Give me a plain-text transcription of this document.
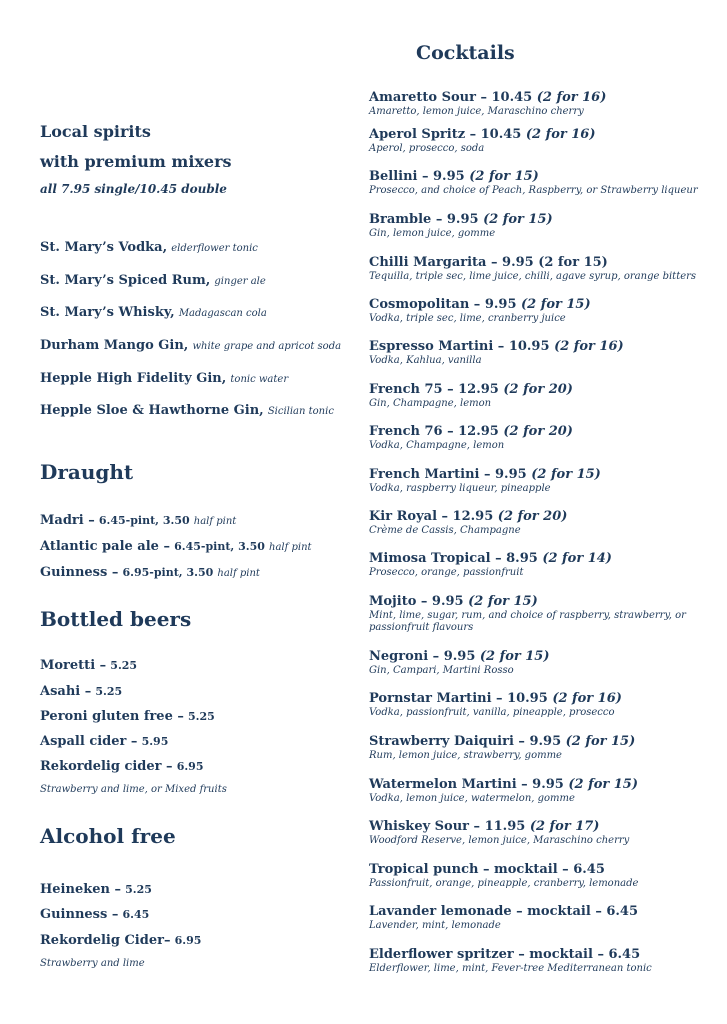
Local spirits
with premium mixers
all 7.95 single/10.45 double
St. Mary’s Vodka, elderflower tonic
St. Mary’s Spiced Rum, ginger ale
St. Mary’s Whisky, Madagascan cola
Durham Mango Gin, white grape and apricot soda
Hepple High Fidelity Gin, tonic water
Hepple Sloe & Hawthorne Gin, Sicilian tonic
Draught
Madri – 6.45-pint, 3.50 half pint
Atlantic pale ale – 6.45-pint, 3.50 half pint
Guinness – 6.95-pint, 3.50 half pint
Bottled beers
Moretti – 5.25
Asahi – 5.25
Peroni gluten free – 5.25
Aspall cider – 5.95
Rekordelig cider – 6.95
Strawberry and lime, or Mixed fruits
Alcohol free
Heineken – 5.25
Guinness – 6.45
Rekordelig Cider– 6.95
Strawberry and lime
Cocktails
Amaretto Sour – 10.45 (2 for 16)
Amaretto, lemon juice, Maraschino cherry
Aperol Spritz – 10.45 (2 for 16)
Aperol, prosecco, soda
Bellini – 9.95 (2 for 15)
Prosecco, and choice of Peach, Raspberry, or Strawberry liqueur
Bramble – 9.95 (2 for 15)
Gin, lemon juice, gomme
Chilli Margarita – 9.95 (2 for 15)
Tequilla, triple sec, lime juice, chilli, agave syrup, orange bitters
Cosmopolitan – 9.95 (2 for 15)
Vodka, triple sec, lime, cranberry juice
Espresso Martini – 10.95 (2 for 16)
Vodka, Kahlua, vanilla
French 75 – 12.95 (2 for 20)
Gin, Champagne, lemon
French 76 – 12.95 (2 for 20)
Vodka, Champagne, lemon
French Martini – 9.95 (2 for 15)
Vodka, raspberry liqueur, pineapple
Kir Royal – 12.95 (2 for 20)
Crème de Cassis, Champagne
Mimosa Tropical – 8.95 (2 for 14)
Prosecco, orange, passionfruit
Mojito – 9.95 (2 for 15)
Mint, lime, sugar, rum, and choice of raspberry, strawberry, or passionfruit flavours
Negroni – 9.95 (2 for 15)
Gin, Campari, Martini Rosso
Pornstar Martini – 10.95 (2 for 16)
Vodka, passionfruit, vanilla, pineapple, prosecco
Strawberry Daiquiri – 9.95 (2 for 15)
Rum, lemon juice, strawberry, gomme
Watermelon Martini – 9.95 (2 for 15)
Vodka, lemon juice, watermelon, gomme
Whiskey Sour – 11.95 (2 for 17)
Woodford Reserve, lemon juice, Maraschino cherry
Tropical punch – mocktail – 6.45
Passionfruit, orange, pineapple, cranberry, lemonade
Lavander lemonade – mocktail – 6.45
Lavender, mint, lemonade
Elderflower spritzer – mocktail – 6.45
Elderflower, lime, mint, Fever-tree Mediterranean tonic
